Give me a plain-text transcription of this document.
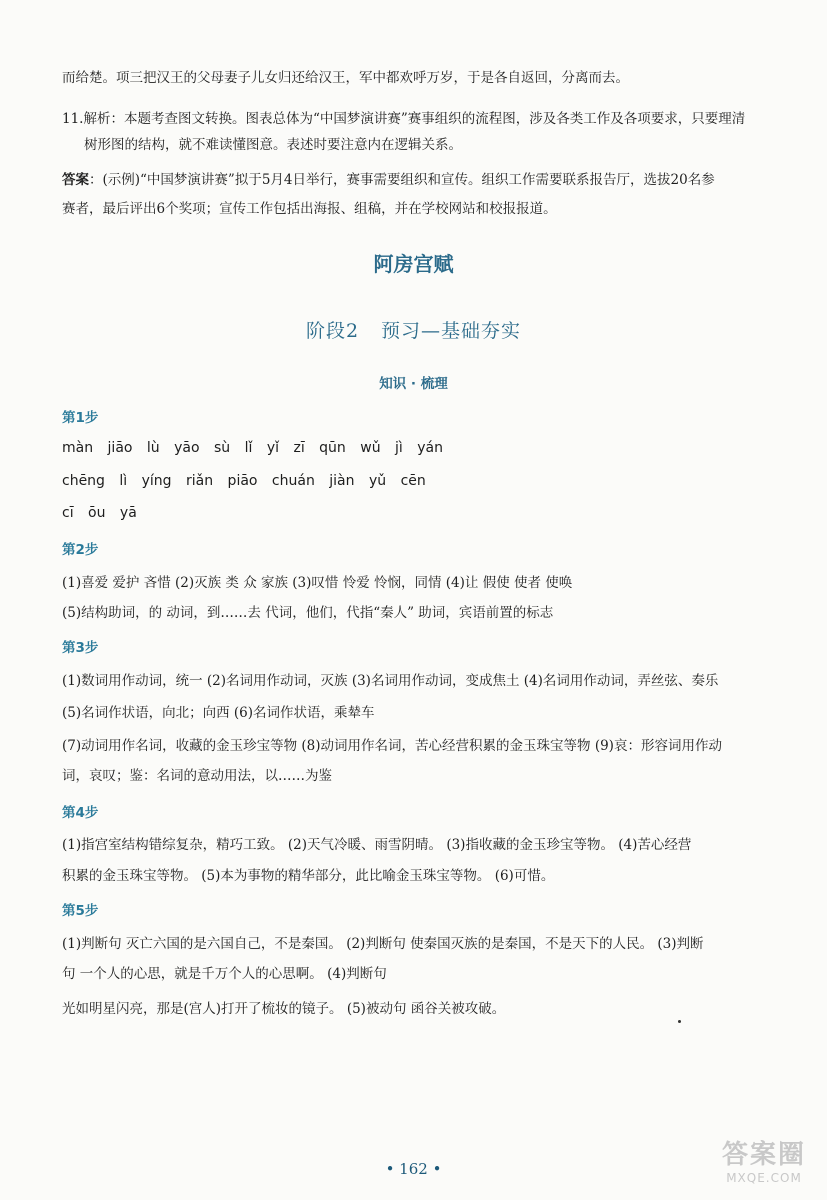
而给楚。项三把汉王的父母妻子儿女归还给汉王，军中都欢呼万岁，于是各自返回，分离而去。
11.解析：本题考查图文转换。图表总体为“中国梦演讲赛”赛事组织的流程图，涉及各类工作及各项要求，只要理清
树形图的结构，就不难读懂图意。表述时要注意内在逻辑关系。
答案：(示例)“中国梦演讲赛”拟于5月4日举行，赛事需要组织和宣传。组织工作需要联系报告厅，选拔20名参
赛者，最后评出6个奖项；宣传工作包括出海报、组稿，并在学校网站和校报报道。
阿房宫赋
阶段2 预习—基础夯实
知识 · 梳理
第1步
màn jiāo lù yāo sù lǐ yǐ zī qūn wǔ jì yán
chēng lì yíng riǎn piāo chuán jiàn yǔ cēn
cī ōu yā
第2步
(1)喜爱 爱护 吝惜 (2)灭族 类 众 家族 (3)叹惜 怜爱 怜悯，同情 (4)让 假使 使者 使唤
(5)结构助词，的 动词，到……去 代词，他们，代指“秦人” 助词，宾语前置的标志
第3步
(1)数词用作动词，统一 (2)名词用作动词，灭族 (3)名词用作动词，变成焦土 (4)名词用作动词，弄丝弦、奏乐
(5)名词作状语，向北；向西 (6)名词作状语，乘辇车
(7)动词用作名词，收藏的金玉珍宝等物 (8)动词用作名词，苦心经营积累的金玉珠宝等物 (9)哀：形容词用作动
词，哀叹；鉴：名词的意动用法，以……为鉴
第4步
(1)指宫室结构错综复杂，精巧工致。 (2)天气冷暖、雨雪阴晴。 (3)指收藏的金玉珍宝等物。 (4)苦心经营
积累的金玉珠宝等物。 (5)本为事物的精华部分，此比喻金玉珠宝等物。 (6)可惜。
第5步
(1)判断句 灭亡六国的是六国自己，不是秦国。 (2)判断句 使秦国灭族的是秦国，不是天下的人民。 (3)判断
句 一个人的心思，就是千万个人的心思啊。 (4)判断句
光如明星闪亮，那是(宫人)打开了梳妆的镜子。 (5)被动句 函谷关被攻破。
• 162 •	答案圈
MXQE.COM
